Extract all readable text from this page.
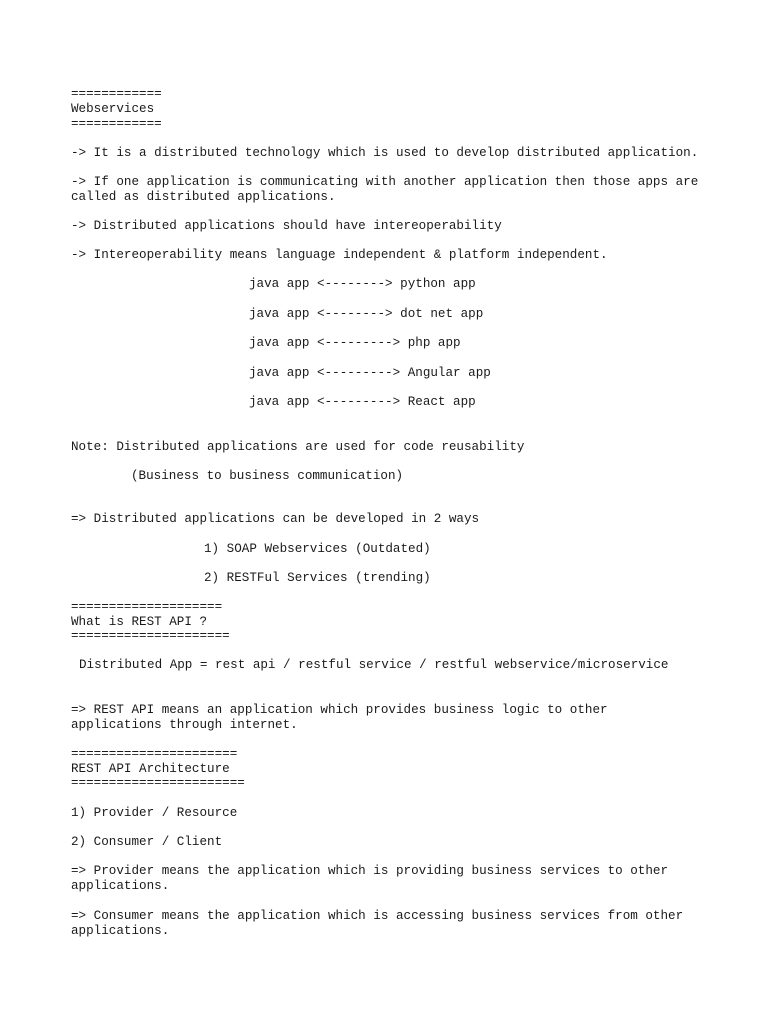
============

Webservices

============

-> It is a distributed technology which is used to develop distributed application.

-> If one application is communicating with another application then those apps are

called as distributed applications.

-> Distributed applications should have intereoperability

-> Intereoperability means language independent & platform independent.

java app <--------> python app

java app <--------> dot net app

java app <---------> php app

java app <---------> Angular app

java app <---------> React app

Note: Distributed applications are used for code reusability

(Business to business communication)

=> Distributed applications can be developed in 2 ways

1) SOAP Webservices (Outdated)

2) RESTFul Services (trending)

====================

What is REST API ?

=====================

Distributed App = rest api / restful service / restful webservice/microservice

=> REST API means an application which provides business logic to other

applications through internet.

======================

REST API Architecture

=======================

1) Provider / Resource

2) Consumer / Client

=> Provider means the application which is providing business services to other

applications.

=> Consumer means the application which is accessing business services from other

applications.
